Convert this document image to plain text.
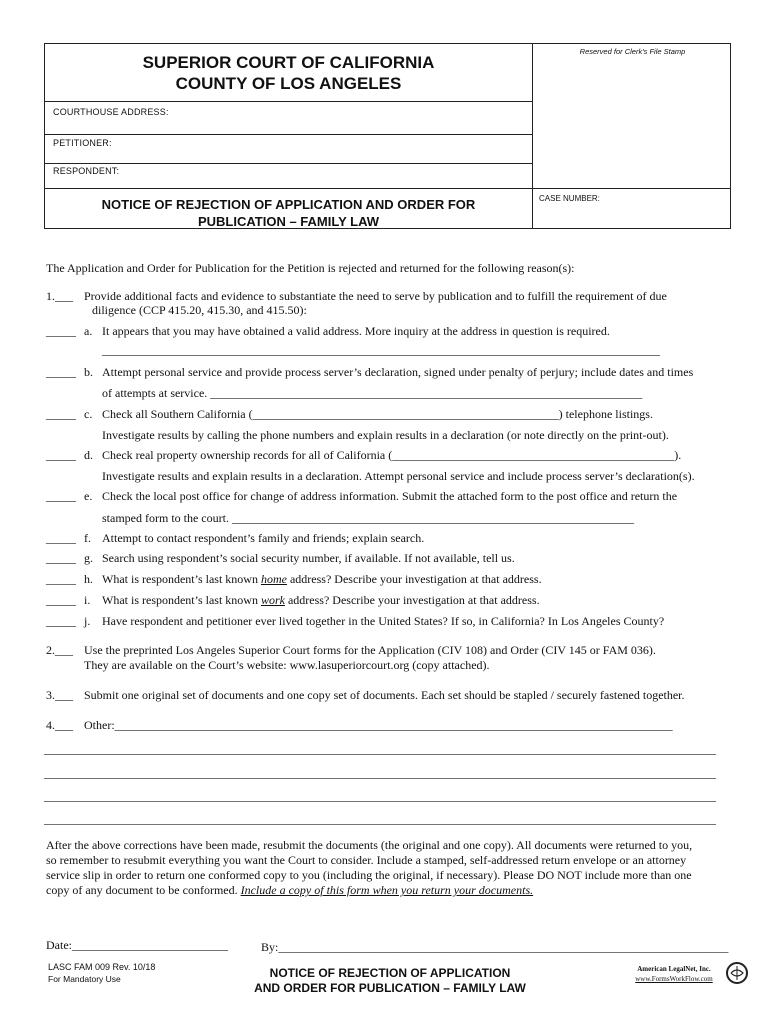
SUPERIOR COURT OF CALIFORNIA
COUNTY OF LOS ANGELES
Reserved for Clerk's File Stamp
COURTHOUSE ADDRESS:
PETITIONER:
RESPONDENT:
NOTICE OF REJECTION OF APPLICATION AND ORDER FOR
PUBLICATION – FAMILY LAW
CASE NUMBER:
The Application and Order for Publication for the Petition is rejected and returned for the following reason(s):
1.___ Provide additional facts and evidence to substantiate the need to serve by publication and to fulfill the requirement of due
diligence (CCP 415.20, 415.30, and 415.50):
_____ a. It appears that you may have obtained a valid address. More inquiry at the address in question is required.
_____________________________________________________________________________________________
_____ b. Attempt personal service and provide process server’s declaration, signed under penalty of perjury; include dates and times
of attempts at service. ________________________________________________________________________
_____ c. Check all Southern California (___________________________________________________) telephone listings.
Investigate results by calling the phone numbers and explain results in a declaration (or note directly on the print-out).
_____ d. Check real property ownership records for all of California (_______________________________________________).
Investigate results and explain results in a declaration. Attempt personal service and include process server’s declaration(s).
_____ e. Check the local post office for change of address information. Submit the attached form to the post office and return the
stamped form to the court. ___________________________________________________________________
_____ f. Attempt to contact respondent’s family and friends; explain search.
_____ g. Search using respondent’s social security number, if available. If not available, tell us.
_____ h. What is respondent’s last known home address? Describe your investigation at that address.
_____ i. What is respondent’s last known work address? Describe your investigation at that address.
_____ j. Have respondent and petitioner ever lived together in the United States? If so, in California? In Los Angeles County?
2.___ Use the preprinted Los Angeles Superior Court forms for the Application (CIV 108) and Order (CIV 145 or FAM 036).
They are available on the Court’s website: www.lasuperiorcourt.org (copy attached).
3.___ Submit one original set of documents and one copy set of documents. Each set should be stapled / securely fastened together.
4.___ Other:_____________________________________________________________________________________________
________________________________________________________________________________________________________________
________________________________________________________________________________________________________________
________________________________________________________________________________________________________________
________________________________________________________________________________________________________________
After the above corrections have been made, resubmit the documents (the original and one copy). All documents were returned to you,
so remember to resubmit everything you want the Court to consider. Include a stamped, self-addressed return envelope or an attorney
service slip in order to return one conformed copy to you (including the original, if necessary). Please DO NOT include more than one
copy of any document to be conformed. Include a copy of this form when you return your documents.
Date:__________________________	By:___________________________________________________________________________
LASC FAM 009 Rev. 10/18
For Mandatory Use	NOTICE OF REJECTION OF APPLICATION
AND ORDER FOR PUBLICATION – FAMILY LAW
American LegalNet, Inc.
www.FormsWorkFlow.com
